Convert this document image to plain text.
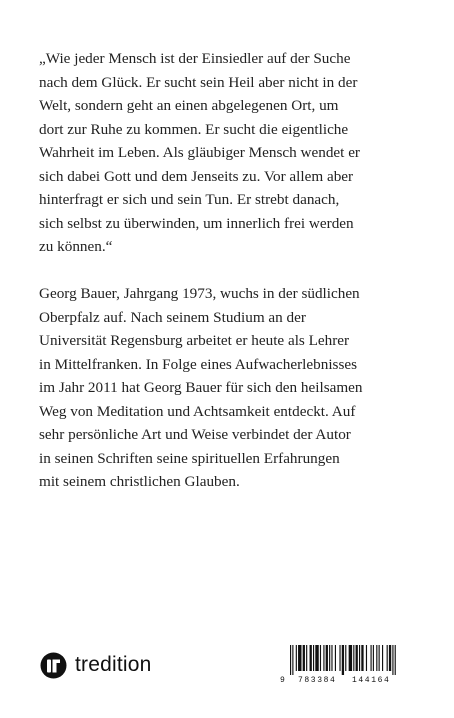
„Wie jeder Mensch ist der Einsiedler auf der Suche
nach dem Glück. Er sucht sein Heil aber nicht in der
Welt, sondern geht an einen abgelegenen Ort, um
dort zur Ruhe zu kommen. Er sucht die eigentliche
Wahrheit im Leben. Als gläubiger Mensch wendet er
sich dabei Gott und dem Jenseits zu. Vor allem aber
hinterfragt er sich und sein Tun. Er strebt danach,
sich selbst zu überwinden, um innerlich frei werden
zu können.“

Georg Bauer, Jahrgang 1973, wuchs in der südlichen
Oberpfalz auf. Nach seinem Studium an der
Universität Regensburg arbeitet er heute als Lehrer
in Mittelfranken. In Folge eines Aufwacherlebnisses
im Jahr 2011 hat Georg Bauer für sich den heilsamen
Weg von Meditation und Achtsamkeit entdeckt. Auf
sehr persönliche Art und Weise verbindet der Autor
in seinen Schriften seine spirituellen Erfahrungen
mit seinem christlichen Glauben.

tredition
9 783384 144164
